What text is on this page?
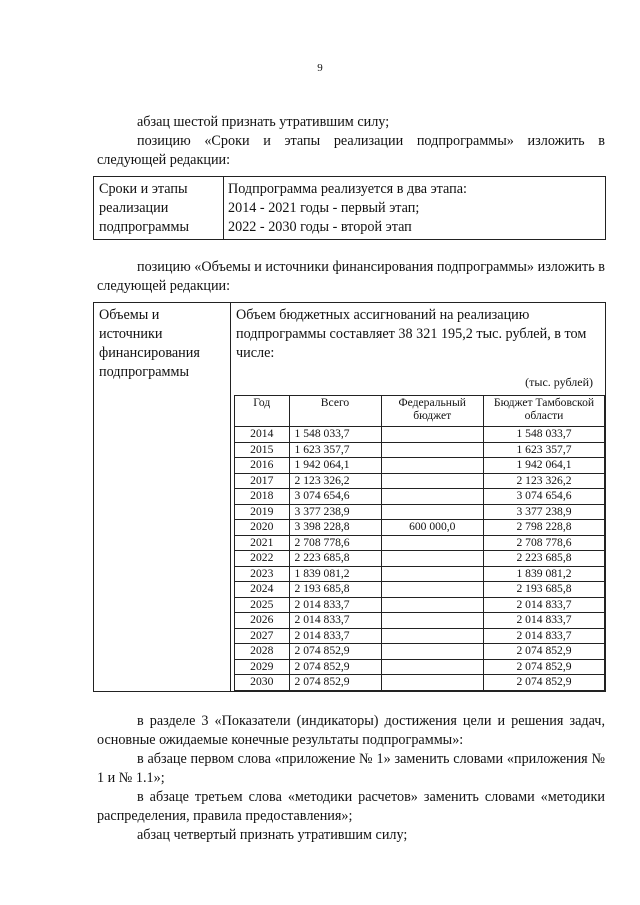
9
абзац шестой признать утратившим силу;
позицию «Сроки и этапы реализации подпрограммы» изложить в следующей редакции:
Сроки и этапы
реализации
подпрограммы
Подпрограмма реализуется в два этапа:
2014 - 2021 годы - первый этап;
2022 - 2030 годы - второй этап
позицию «Объемы и источники финансирования подпрограммы» изложить в следующей редакции:
Объемы и
источники
финансирования
подпрограммы
Объем бюджетных ассигнований на реализацию подпрограммы составляет 38 321 195,2 тыс. рублей, в том числе:
(тыс. рублей)
Год	Всего	Федеральный бюджет	Бюджет Тамбовской области
2014	1 548 033,7		1 548 033,7
2015	1 623 357,7		1 623 357,7
2016	1 942 064,1		1 942 064,1
2017	2 123 326,2		2 123 326,2
2018	3 074 654,6		3 074 654,6
2019	3 377 238,9		3 377 238,9
2020	3 398 228,8	600 000,0	2 798 228,8
2021	2 708 778,6		2 708 778,6
2022	2 223 685,8		2 223 685,8
2023	1 839 081,2		1 839 081,2
2024	2 193 685,8		2 193 685,8
2025	2 014 833,7		2 014 833,7
2026	2 014 833,7		2 014 833,7
2027	2 014 833,7		2 014 833,7
2028	2 074 852,9		2 074 852,9
2029	2 074 852,9		2 074 852,9
2030	2 074 852,9		2 074 852,9
в разделе 3 «Показатели (индикаторы) достижения цели и решения задач, основные ожидаемые конечные результаты подпрограммы»:
в абзаце первом слова «приложение № 1» заменить словами «приложения № 1 и № 1.1»;
в абзаце третьем слова «методики расчетов» заменить словами «методики распределения, правила предоставления»;
абзац четвертый признать утратившим силу;
